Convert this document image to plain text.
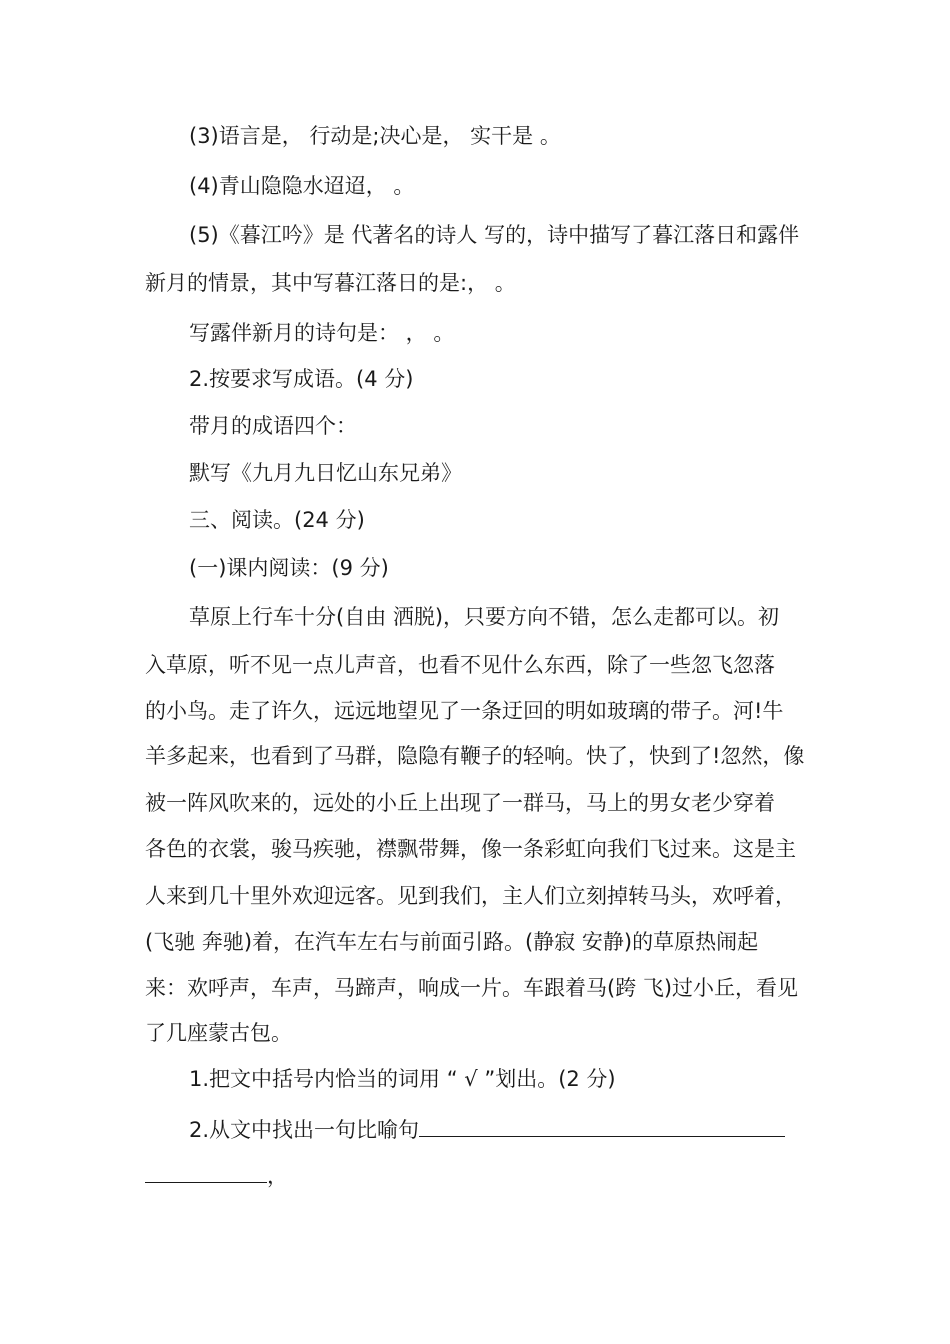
(3)语言是， 行动是;决心是， 实干是 。
(4)青山隐隐水迢迢， 。
(5)《暮江吟》是 代著名的诗人 写的，诗中描写了暮江落日和露伴
新月的情景，其中写暮江落日的是:， 。
写露伴新月的诗句是： ， 。
2.按要求写成语。(4 分)
带月的成语四个：
默写《九月九日忆山东兄弟》
三、阅读。(24 分)
(一)课内阅读：(9 分)
草原上行车十分(自由 洒脱)，只要方向不错，怎么走都可以。初
入草原，听不见一点儿声音，也看不见什么东西，除了一些忽飞忽落
的小鸟。走了许久，远远地望见了一条迂回的明如玻璃的带子。河!牛
羊多起来，也看到了马群，隐隐有鞭子的轻响。快了，快到了!忽然，像
被一阵风吹来的，远处的小丘上出现了一群马，马上的男女老少穿着
各色的衣裳，骏马疾驰，襟飘带舞，像一条彩虹向我们飞过来。这是主
人来到几十里外欢迎远客。见到我们，主人们立刻掉转马头，欢呼着，
(飞驰 奔驰)着，在汽车左右与前面引路。(静寂 安静)的草原热闹起
来：欢呼声，车声，马蹄声，响成一片。车跟着马(跨 飞)过小丘，看见
了几座蒙古包。
1.把文中括号内恰当的词用 “ √ ”划出。(2 分)
2.从文中找出一句比喻句
，
